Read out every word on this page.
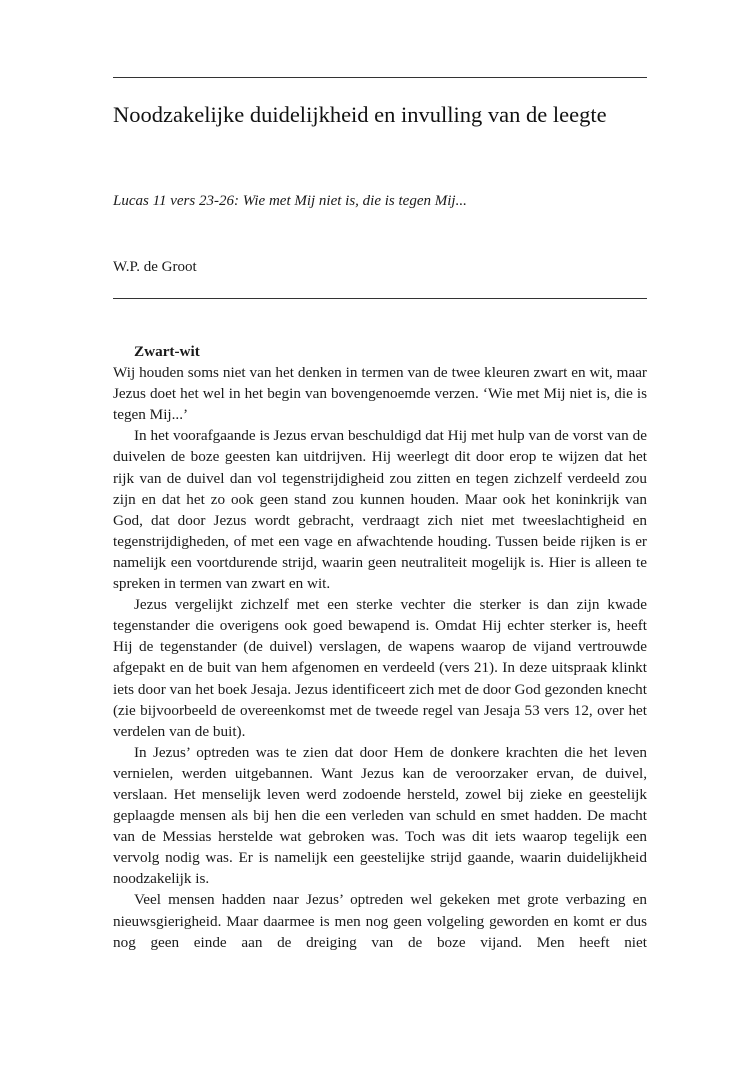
Noodzakelijke duidelijkheid en invulling van de leegte

Lucas 11 vers 23-26: Wie met Mij niet is, die is tegen Mij...

W.P. de Groot

Zwart-wit

Wij houden soms niet van het denken in termen van de twee kleuren zwart en wit, maar Jezus doet het wel in het begin van bovengenoemde verzen. ‘Wie met Mij niet is, die is tegen Mij...’

In het voorafgaande is Jezus ervan beschuldigd dat Hij met hulp van de vorst van de duivelen de boze geesten kan uitdrijven. Hij weerlegt dit door erop te wijzen dat het rijk van de duivel dan vol tegenstrijdigheid zou zitten en tegen zichzelf verdeeld zou zijn en dat het zo ook geen stand zou kunnen houden. Maar ook het koninkrijk van God, dat door Jezus wordt gebracht, verdraagt zich niet met tweeslachtigheid en tegenstrijdigheden, of met een vage en afwachtende houding. Tussen beide rijken is er namelijk een voortdurende strijd, waarin geen neutraliteit mogelijk is. Hier is alleen te spreken in termen van zwart en wit.

Jezus vergelijkt zichzelf met een sterke vechter die sterker is dan zijn kwade tegenstander die overigens ook goed bewapend is. Omdat Hij echter sterker is, heeft Hij de tegenstander (de duivel) verslagen, de wapens waarop de vijand vertrouwde afgepakt en de buit van hem afgenomen en verdeeld (vers 21). In deze uitspraak klinkt iets door van het boek Jesaja. Jezus identificeert zich met de door God gezonden knecht (zie bijvoorbeeld de overeenkomst met de tweede regel van Jesaja 53 vers 12, over het verdelen van de buit).

In Jezus’ optreden was te zien dat door Hem de donkere krachten die het leven vernielen, werden uitgebannen. Want Jezus kan de veroorzaker ervan, de duivel, verslaan. Het menselijk leven werd zodoende hersteld, zowel bij zieke en geestelijk geplaagde mensen als bij hen die een verleden van schuld en smet hadden. De macht van de Messias herstelde wat gebroken was. Toch was dit iets waarop tegelijk een vervolg nodig was. Er is namelijk een geestelijke strijd gaande, waarin duidelijkheid noodzakelijk is.

Veel mensen hadden naar Jezus’ optreden wel gekeken met grote verbazing en nieuwsgierigheid. Maar daarmee is men nog geen volgeling geworden en komt er dus nog geen einde aan de dreiging van de boze vijand. Men heeft niet
